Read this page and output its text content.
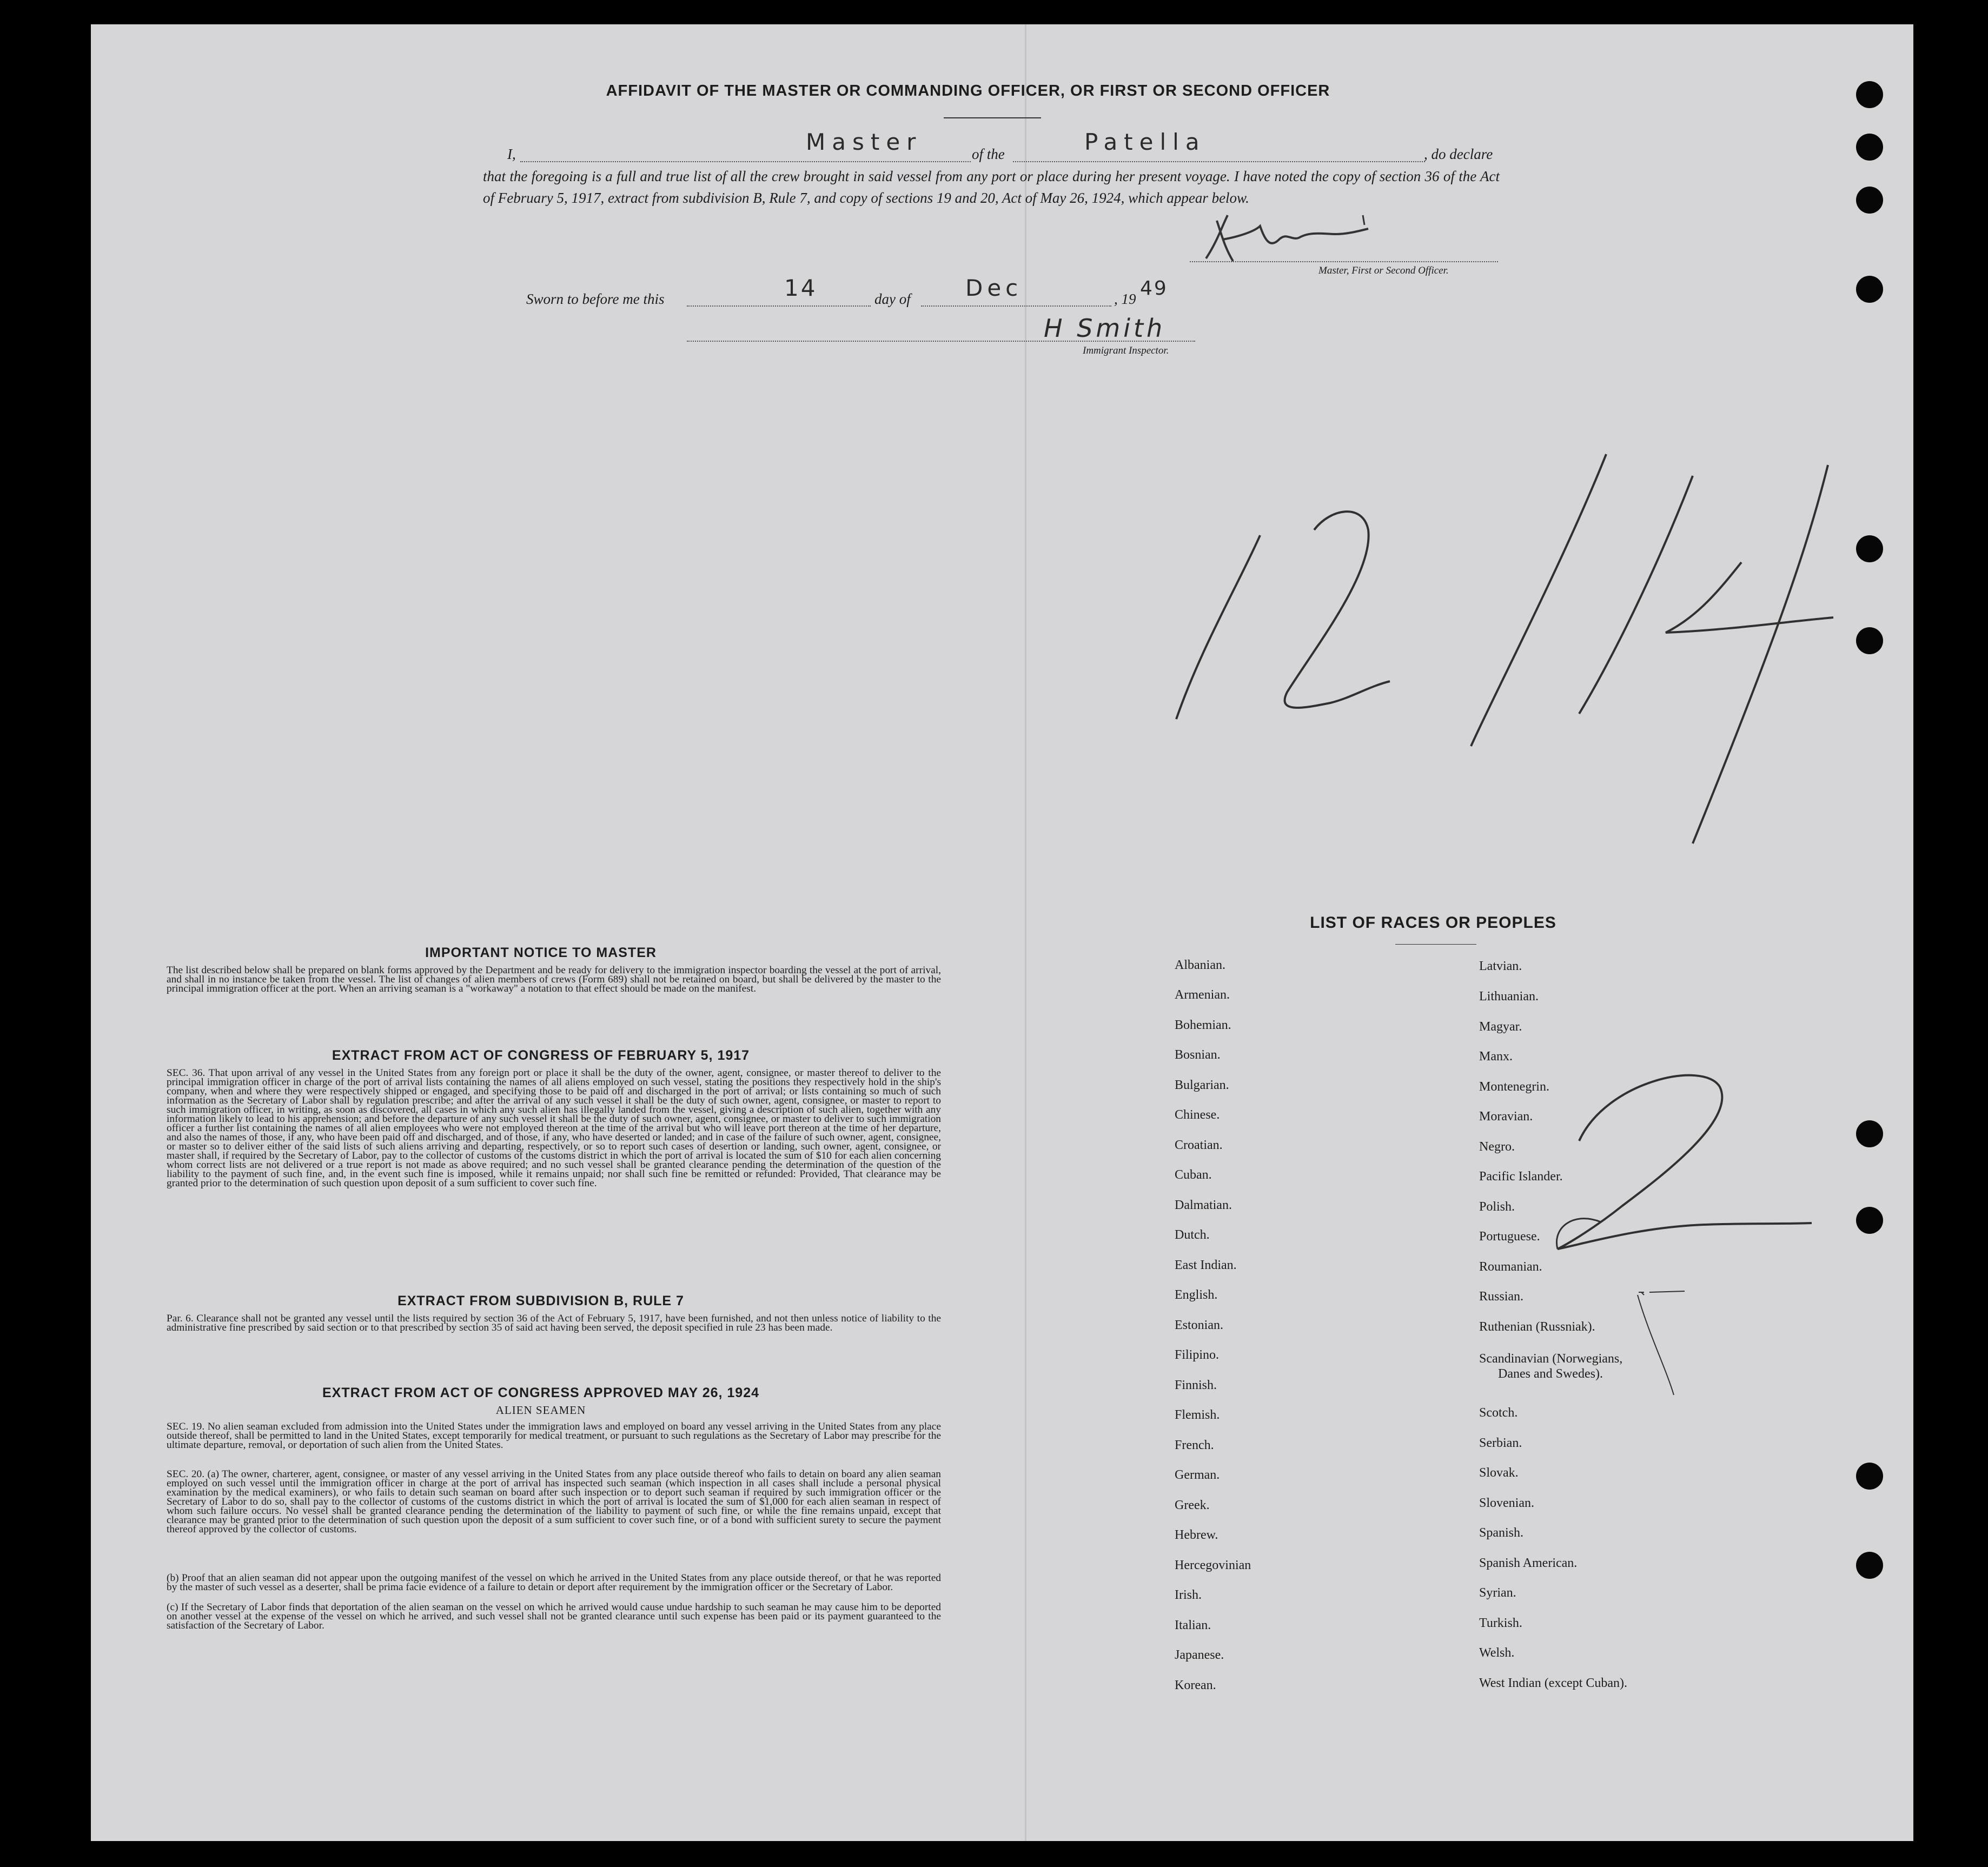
AFFIDAVIT OF THE MASTER OR COMMANDING OFFICER, OR FIRST OR SECOND OFFICER
I,	Master	of the	Patella	, do declare
that the foregoing is a full and true list of all the crew brought in said vessel from any port or place during her present voyage. I have noted the copy of section 36 of the Act of February 5, 1917, extract from subdivision B, Rule 7, and copy of sections 19 and 20, Act of May 26, 1924, which appear below.
Master, First or Second Officer.
Sworn to before me this	14	day of Dec	, 19 49
H Smith
Immigrant Inspector.
IMPORTANT NOTICE TO MASTER
The list described below shall be prepared on blank forms approved by the Department and be ready for delivery to the immigration inspector boarding the vessel at the port of arrival, and shall in no instance be taken from the vessel. The list of changes of alien members of crews (Form 689) shall not be retained on board, but shall be delivered by the master to the principal immigration officer at the port. When an arriving seaman is a "workaway" a notation to that effect should be made on the manifest.
EXTRACT FROM ACT OF CONGRESS OF FEBRUARY 5, 1917
SEC. 36. That upon arrival of any vessel in the United States from any foreign port or place it shall be the duty of the owner, agent, consignee, or master thereof to deliver to the principal immigration officer in charge of the port of arrival lists containing the names of all aliens employed on such vessel, stating the positions they respectively hold in the ship's company, when and where they were respectively shipped or engaged, and specifying those to be paid off and discharged in the port of arrival; or lists containing so much of such information as the Secretary of Labor shall by regulation prescribe; and after the arrival of any such vessel it shall be the duty of such owner, agent, consignee, or master to report to such immigration officer, in writing, as soon as discovered, all cases in which any such alien has illegally landed from the vessel, giving a description of such alien, together with any information likely to lead to his apprehension; and before the departure of any such vessel it shall be the duty of such owner, agent, consignee, or master to deliver to such immigration officer a further list containing the names of all alien employees who were not employed thereon at the time of the arrival but who will leave port thereon at the time of her departure, and also the names of those, if any, who have been paid off and discharged, and of those, if any, who have deserted or landed; and in case of the failure of such owner, agent, consignee, or master so to deliver either of the said lists of such aliens arriving and departing, respectively, or so to report such cases of desertion or landing, such owner, agent, consignee, or master shall, if required by the Secretary of Labor, pay to the collector of customs of the customs district in which the port of arrival is located the sum of $10 for each alien concerning whom correct lists are not delivered or a true report is not made as above required; and no such vessel shall be granted clearance pending the determination of the question of the liability to the payment of such fine, and, in the event such fine is imposed, while it remains unpaid; nor shall such fine be remitted or refunded: Provided, That clearance may be granted prior to the determination of such question upon deposit of a sum sufficient to cover such fine.
EXTRACT FROM SUBDIVISION B, RULE 7
Par. 6. Clearance shall not be granted any vessel until the lists required by section 36 of the Act of February 5, 1917, have been furnished, and not then unless notice of liability to the administrative fine prescribed by said section or to that prescribed by section 35 of said act having been served, the deposit specified in rule 23 has been made.
EXTRACT FROM ACT OF CONGRESS APPROVED MAY 26, 1924
ALIEN SEAMEN
SEC. 19. No alien seaman excluded from admission into the United States under the immigration laws and employed on board any vessel arriving in the United States from any place outside thereof, shall be permitted to land in the United States, except temporarily for medical treatment, or pursuant to such regulations as the Secretary of Labor may prescribe for the ultimate departure, removal, or deportation of such alien from the United States.
SEC. 20. (a) The owner, charterer, agent, consignee, or master of any vessel arriving in the United States from any place outside thereof who fails to detain on board any alien seaman employed on such vessel until the immigration officer in charge at the port of arrival has inspected such seaman (which inspection in all cases shall include a personal physical examination by the medical examiners), or who fails to detain such seaman on board after such inspection or to deport such seaman if required by such immigration officer or the Secretary of Labor to do so, shall pay to the collector of customs of the customs district in which the port of arrival is located the sum of $1,000 for each alien seaman in respect of whom such failure occurs. No vessel shall be granted clearance pending the determination of the liability to payment of such fine, or while the fine remains unpaid, except that clearance may be granted prior to the determination of such question upon the deposit of a sum sufficient to cover such fine, or of a bond with sufficient surety to secure the payment thereof approved by the collector of customs.
(b) Proof that an alien seaman did not appear upon the outgoing manifest of the vessel on which he arrived in the United States from any place outside thereof, or that he was reported by the master of such vessel as a deserter, shall be prima facie evidence of a failure to detain or deport after requirement by the immigration officer or the Secretary of Labor.
(c) If the Secretary of Labor finds that deportation of the alien seaman on the vessel on which he arrived would cause undue hardship to such seaman he may cause him to be deported on another vessel at the expense of the vessel on which he arrived, and such vessel shall not be granted clearance until such expense has been paid or its payment guaranteed to the satisfaction of the Secretary of Labor.
LIST OF RACES OR PEOPLES
Albanian.
Armenian.
Bohemian.
Bosnian.
Bulgarian.
Chinese.
Croatian.
Cuban.
Dalmatian.
Dutch.
East Indian.
English.
Estonian.
Filipino.
Finnish.
Flemish.
French.
German.
Greek.
Hebrew.
Hercegovinian
Irish.
Italian.
Japanese.
Korean.
Latvian.
Lithuanian.
Magyar.
Manx.
Montenegrin.
Moravian.
Negro.
Pacific Islander.
Polish.
Portuguese.
Roumanian.
Russian.
Ruthenian (Russniak).
Scandinavian (Norwegians,
Danes and Swedes).
Scotch.
Serbian.
Slovak.
Slovenian.
Spanish.
Spanish American.
Syrian.
Turkish.
Welsh.
West Indian (except Cuban).
